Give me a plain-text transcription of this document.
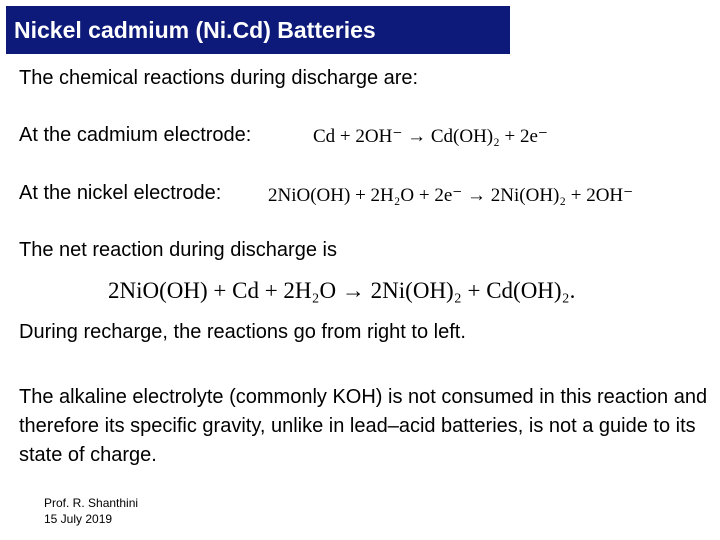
Nickel cadmium (Ni.Cd) Batteries
The chemical reactions during discharge are:
At the cadmium electrode:	Cd + 2OH⁻ → Cd(OH)₂ + 2e⁻
At the nickel electrode: 2NiO(OH) + 2H₂O + 2e⁻ → 2Ni(OH)₂ + 2OH⁻
The net reaction during discharge is
2NiO(OH) + Cd + 2H₂O → 2Ni(OH)₂ + Cd(OH)₂.
During recharge, the reactions go from right to left.
The alkaline electrolyte (commonly KOH) is not consumed in this reaction and therefore its specific gravity, unlike in lead–acid batteries, is not a guide to its state of charge.
Prof. R. Shanthini
15 July 2019
